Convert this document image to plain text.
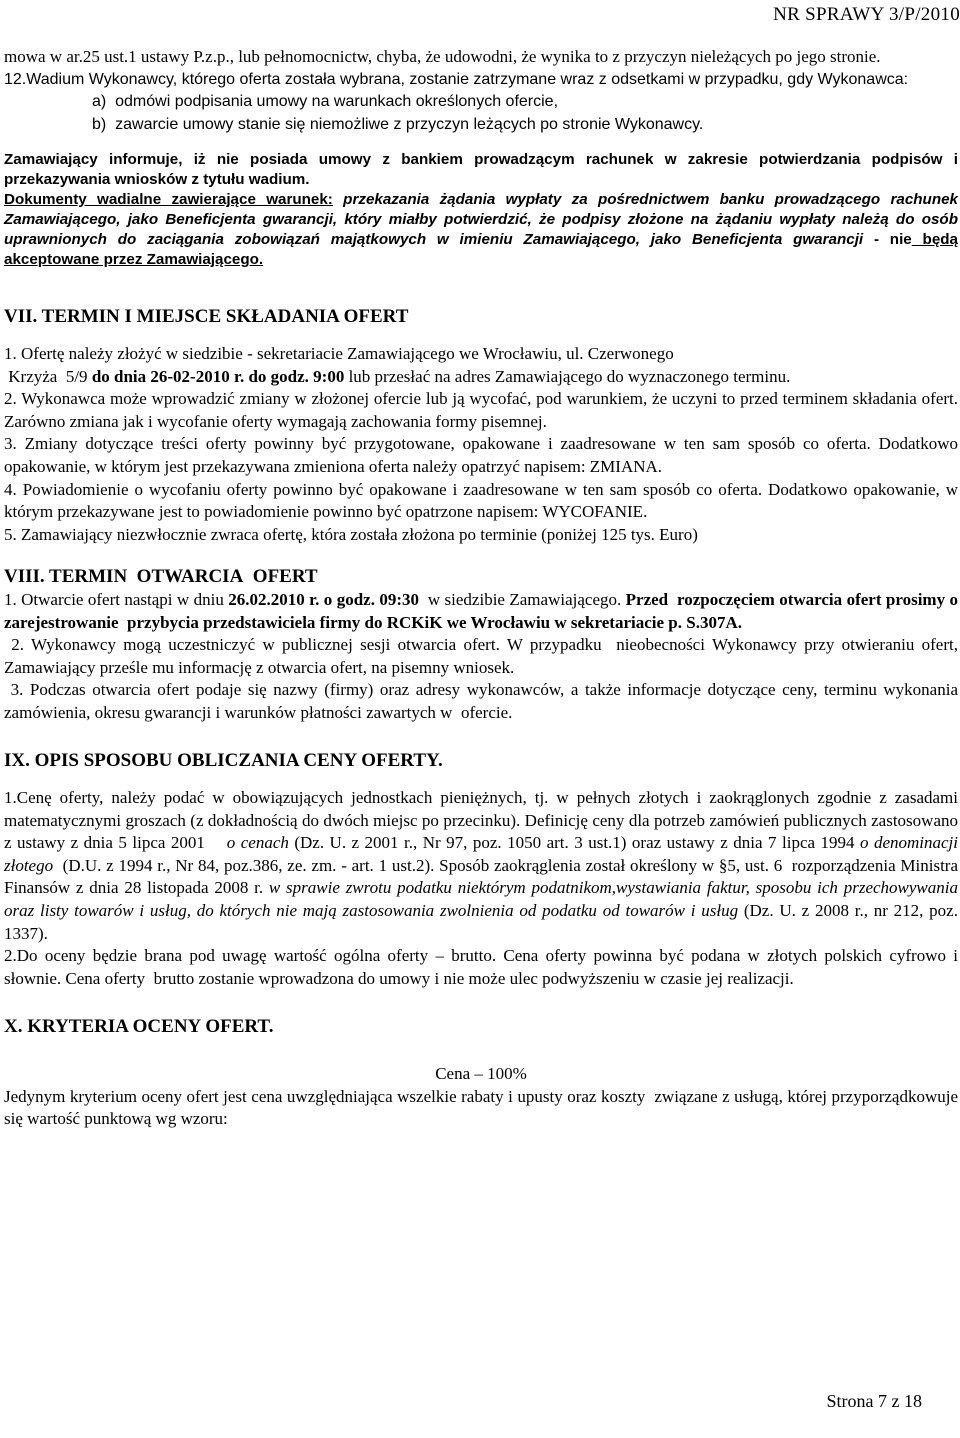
NR SPRAWY 3/P/2010

mowa w ar.25 ust.1 ustawy P.z.p., lub pełnomocnictw, chyba, że udowodni, że wynika to z przyczyn nieleżących po jego stronie.

12.Wadium Wykonawcy, którego oferta została wybrana, zostanie zatrzymane wraz z odsetkami w przypadku, gdy Wykonawca:

a)  odmówi podpisania umowy na warunkach określonych ofercie,

b)  zawarcie umowy stanie się niemożliwe z przyczyn leżących po stronie Wykonawcy.

Zamawiający informuje, iż nie posiada umowy z bankiem prowadzącym rachunek w zakresie potwierdzania podpisów i przekazywania wniosków z tytułu wadium.

Dokumenty wadialne zawierające warunek: przekazania żądania wypłaty za pośrednictwem banku prowadzącego rachunek Zamawiającego, jako Beneficjenta gwarancji, który miałby potwierdzić, że podpisy złożone na żądaniu wypłaty należą do osób uprawnionych do zaciągania zobowiązań majątkowych w imieniu Zamawiającego, jako Beneficjenta gwarancji - nie będą akceptowane przez Zamawiającego.

VII. TERMIN I MIEJSCE SKŁADANIA OFERT

1. Ofertę należy złożyć w siedzibie - sekretariacie Zamawiającego we Wrocławiu, ul. Czerwonego
Krzyża  5/9 do dnia 26-02-2010 r. do godz. 9:00 lub przesłać na adres Zamawiającego do wyznaczonego terminu.

2. Wykonawca może wprowadzić zmiany w złożonej ofercie lub ją wycofać, pod warunkiem, że uczyni to przed terminem składania ofert. Zarówno zmiana jak i wycofanie oferty wymagają zachowania formy pisemnej.

3. Zmiany dotyczące treści oferty powinny być przygotowane, opakowane i zaadresowane w ten sam sposób co oferta. Dodatkowo opakowanie, w którym jest przekazywana zmieniona oferta należy opatrzyć napisem: ZMIANA.

4. Powiadomienie o wycofaniu oferty powinno być opakowane i zaadresowane w ten sam sposób co oferta. Dodatkowo opakowanie, w którym przekazywane jest to powiadomienie powinno być opatrzone napisem: WYCOFANIE.

5. Zamawiający niezwłocznie zwraca ofertę, która została złożona po terminie (poniżej 125 tys. Euro)

VIII. TERMIN  OTWARCIA  OFERT

1. Otwarcie ofert nastąpi w dniu 26.02.2010 r. o godz. 09:30  w siedzibie Zamawiającego. Przed  rozpoczęciem otwarcia ofert prosimy o zarejestrowanie  przybycia przedstawiciela firmy do RCKiK we Wrocławiu w sekretariacie p. S.307A.

2. Wykonawcy mogą uczestniczyć w publicznej sesji otwarcia ofert. W przypadku  nieobecności Wykonawcy przy otwieraniu ofert, Zamawiający prześle mu informację z otwarcia ofert, na pisemny wniosek.

3. Podczas otwarcia ofert podaje się nazwy (firmy) oraz adresy wykonawców, a także informacje dotyczące ceny, terminu wykonania zamówienia, okresu gwarancji i warunków płatności zawartych w  ofercie.

IX. OPIS SPOSOBU OBLICZANIA CENY OFERTY.

1.Cenę oferty, należy podać w obowiązujących jednostkach pieniężnych, tj. w pełnych złotych i zaokrąglonych zgodnie z zasadami matematycznymi groszach (z dokładnością do dwóch miejsc po przecinku). Definicję ceny dla potrzeb zamówień publicznych zastosowano z ustawy z dnia 5 lipca 2001    o cenach (Dz. U. z 2001 r., Nr 97, poz. 1050 art. 3 ust.1) oraz ustawy z dnia 7 lipca 1994 o denominacji złotego  (D.U. z 1994 r., Nr 84, poz.386, ze. zm. - art. 1 ust.2). Sposób zaokrąglenia został określony w §5, ust. 6  rozporządzenia Ministra Finansów z dnia 28 listopada 2008 r. w sprawie zwrotu podatku niektórym podatnikom,wystawiania faktur, sposobu ich przechowywania oraz listy towarów i usług, do których nie mają zastosowania zwolnienia od podatku od towarów i usług (Dz. U. z 2008 r., nr 212, poz. 1337).

2.Do oceny będzie brana pod uwagę wartość ogólna oferty – brutto. Cena oferty powinna być podana w złotych polskich cyfrowo i słownie. Cena oferty  brutto zostanie wprowadzona do umowy i nie może ulec podwyższeniu w czasie jej realizacji.

X. KRYTERIA OCENY OFERT.

Cena – 100%

Jedynym kryterium oceny ofert jest cena uwzględniająca wszelkie rabaty i upusty oraz koszty  związane z usługą, której przyporządkowuje się wartość punktową wg wzoru:

Strona 7 z 18
